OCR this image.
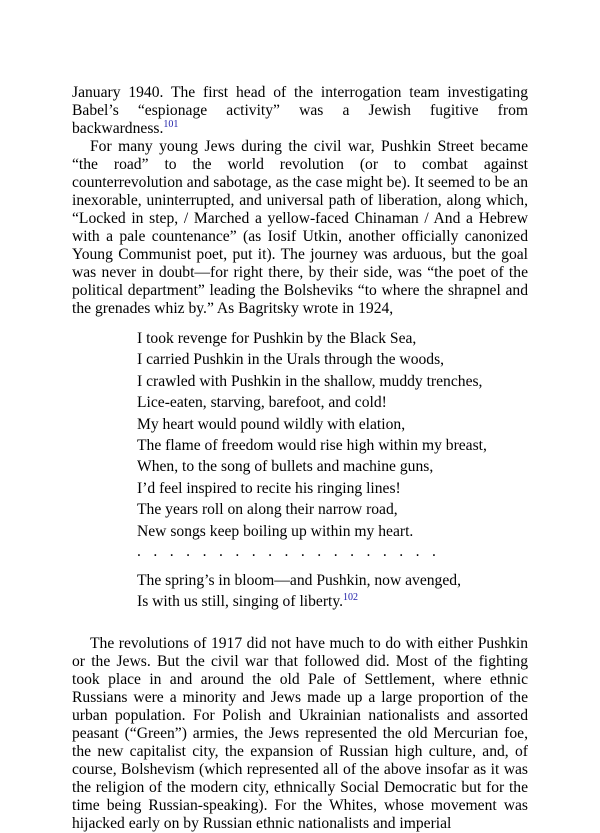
January 1940. The first head of the interrogation team investigating Babel’s “espionage activity” was a Jewish fugitive from backwardness.$^{101}$

For many young Jews during the civil war, Pushkin Street became “the road” to the world revolution (or to combat against counterrevolution and sabotage, as the case might be). It seemed to be an inexorable, uninterrupted, and universal path of liberation, along which, “Locked in step, / Marched a yellow-faced Chinaman / And a Hebrew with a pale countenance” (as Iosif Utkin, another officially canonized Young Communist poet, put it). The journey was arduous, but the goal was never in doubt—for right there, by their side, was “the poet of the political department” leading the Bolsheviks “to where the shrapnel and the grenades whiz by.” As Bagritsky wrote in 1924,

I took revenge for Pushkin by the Black Sea,
I carried Pushkin in the Urals through the woods,
I crawled with Pushkin in the shallow, muddy trenches,
Lice-eaten, starving, barefoot, and cold!
My heart would pound wildly with elation,
The flame of freedom would rise high within my breast,
When, to the song of bullets and machine guns,
I’d feel inspired to recite his ringing lines!
The years roll on along their narrow road,
New songs keep boiling up within my heart.
. . . . . . . . . . . . . . . . . . .
The spring’s in bloom—and Pushkin, now avenged,
Is with us still, singing of liberty.$^{102}$

The revolutions of 1917 did not have much to do with either Pushkin or the Jews. But the civil war that followed did. Most of the fighting took place in and around the old Pale of Settlement, where ethnic Russians were a minority and Jews made up a large proportion of the urban population. For Polish and Ukrainian nationalists and assorted peasant (“Green”) armies, the Jews represented the old Mercurian foe, the new capitalist city, the expansion of Russian high culture, and, of course, Bolshevism (which represented all of the above insofar as it was the religion of the modern city, ethnically Social Democratic but for the time being Russian-speaking). For the Whites, whose movement was hijacked early on by Russian ethnic nationalists and imperial
